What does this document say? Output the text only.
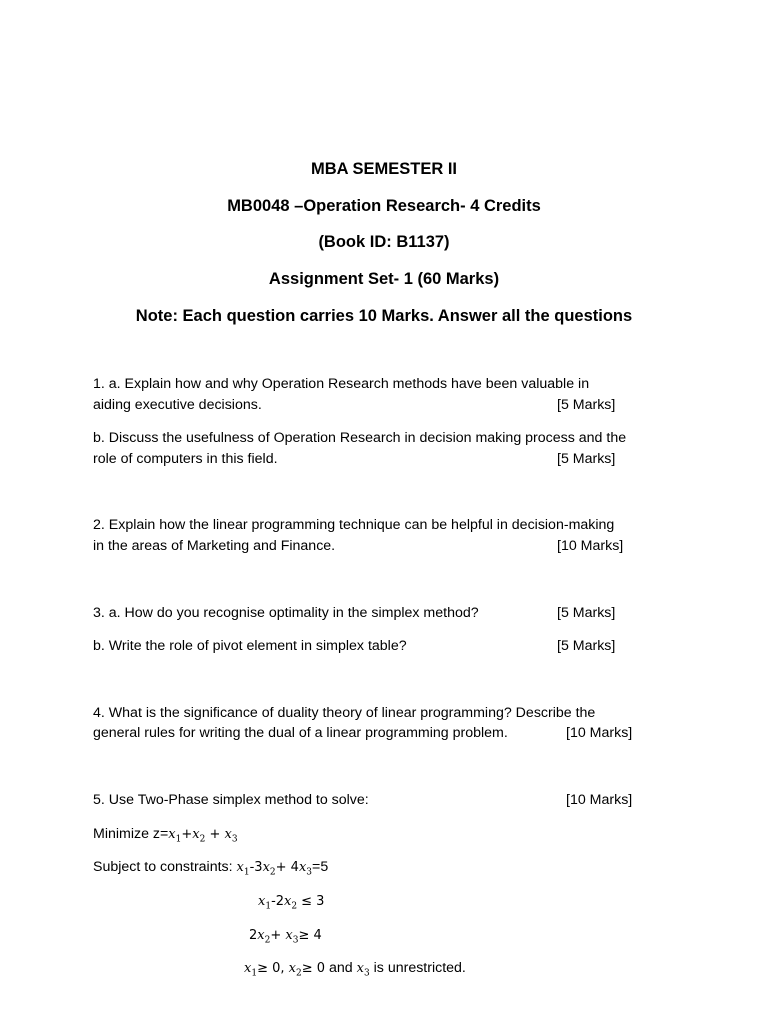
MBA SEMESTER II
MB0048 –Operation Research- 4 Credits
(Book ID: B1137)
Assignment Set- 1 (60 Marks)
Note: Each question carries 10 Marks. Answer all the questions
1. a. Explain how and why Operation Research methods have been valuable in
aiding executive decisions.	[5 Marks]
b. Discuss the usefulness of Operation Research in decision making process and the
role of computers in this field.	[5 Marks]
2. Explain how the linear programming technique can be helpful in decision-making
in the areas of Marketing and Finance.	[10 Marks]
3. a. How do you recognise optimality in the simplex method?	[5 Marks]
b. Write the role of pivot element in simplex table?	[5 Marks]
4. What is the significance of duality theory of linear programming? Describe the
general rules for writing the dual of a linear programming problem.	[10 Marks]
5. Use Two-Phase simplex method to solve:	[10 Marks]
Minimize $z=x_1+x_2 + x_3$
Subject to constraints: $x_1-3x_2+ 4x_3=5$
$x_1-2x_2 \le 3$
$2x_2+ x_3\ge 4$
$x_1\ge 0$, $x_2\ge 0$ and $x_3$ is unrestricted.
